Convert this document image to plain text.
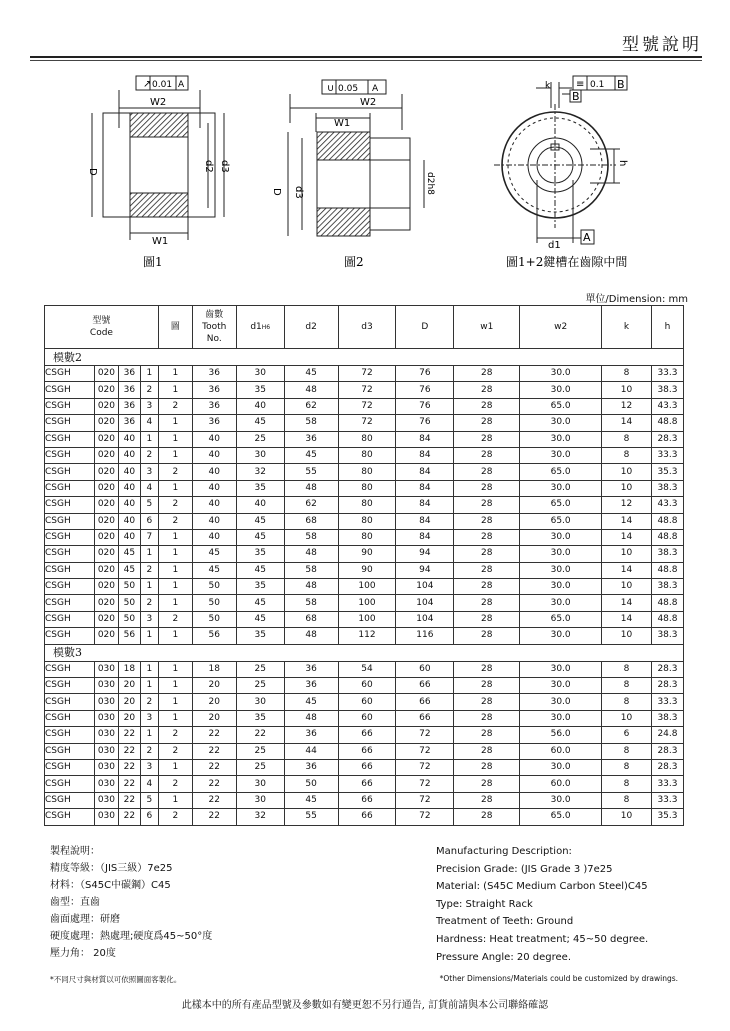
型號說明
↗ 0.01 A
W2
W1
D	d2 d3
圖1
∪ 0.05 A
W2
W1
D d3	d2h8
圖2
≡ 0.1 B
k
B
h
d1
A
圖1+2鍵槽在齒隙中間
單位/Dimension: mm
型號
Code				圖	齒數
Tooth
No.	d1H6	d2	d3	D	w1	w2	k	h
模數2													
CSGH	020	36	1	1	36	30	45	72	76	28	30.0	8	33.3
CSGH	020	36	2	1	36	35	48	72	76	28	30.0	10	38.3
CSGH	020	36	3	2	36	40	62	72	76	28	65.0	12	43.3
CSGH	020	36	4	1	36	45	58	72	76	28	30.0	14	48.8
CSGH	020	40	1	1	40	25	36	80	84	28	30.0	8	28.3
CSGH	020	40	2	1	40	30	45	80	84	28	30.0	8	33.3
CSGH	020	40	3	2	40	32	55	80	84	28	65.0	10	35.3
CSGH	020	40	4	1	40	35	48	80	84	28	30.0	10	38.3
CSGH	020	40	5	2	40	40	62	80	84	28	65.0	12	43.3
CSGH	020	40	6	2	40	45	68	80	84	28	65.0	14	48.8
CSGH	020	40	7	1	40	45	58	80	84	28	30.0	14	48.8
CSGH	020	45	1	1	45	35	48	90	94	28	30.0	10	38.3
CSGH	020	45	2	1	45	45	58	90	94	28	30.0	14	48.8
CSGH	020	50	1	1	50	35	48	100	104	28	30.0	10	38.3
CSGH	020	50	2	1	50	45	58	100	104	28	30.0	14	48.8
CSGH	020	50	3	2	50	45	68	100	104	28	65.0	14	48.8
CSGH	020	56	1	1	56	35	48	112	116	28	30.0	10	38.3
模數3													
CSGH	030	18	1	1	18	25	36	54	60	28	30.0	8	28.3
CSGH	030	20	1	1	20	25	36	60	66	28	30.0	8	28.3
CSGH	030	20	2	1	20	30	45	60	66	28	30.0	8	33.3
CSGH	030	20	3	1	20	35	48	60	66	28	30.0	10	38.3
CSGH	030	22	1	2	22	22	36	66	72	28	56.0	6	24.8
CSGH	030	22	2	2	22	25	44	66	72	28	60.0	8	28.3
CSGH	030	22	3	1	22	25	36	66	72	28	30.0	8	28.3
CSGH	030	22	4	2	22	30	50	66	72	28	60.0	8	33.3
CSGH	030	22	5	1	22	30	45	66	72	28	30.0	8	33.3
CSGH	030	22	6	2	22	32	55	66	72	28	65.0	10	35.3
製程說明：
精度等級：（JIS三級）7e25
材料：（S45C中碳鋼）C45
齒型：直齒
齒面處理：研磨
硬度處理：熱處理;硬度爲45~50°度
壓力角： 20度
Manufacturing Description:
Precision Grade: (JIS Grade 3 )7e25
Material: (S45C Medium Carbon Steel)C45
Type: Straight Rack
Treatment of Teeth: Ground
Hardness: Heat treatment; 45~50 degree.
Pressure Angle: 20 degree.
*不同尺寸與材質以可依照圖面客製化。	*Other Dimensions/Materials could be customized by drawings.
此樣本中的所有產品型號及參數如有變更恕不另行通告, 訂貨前請與本公司聯絡確認
